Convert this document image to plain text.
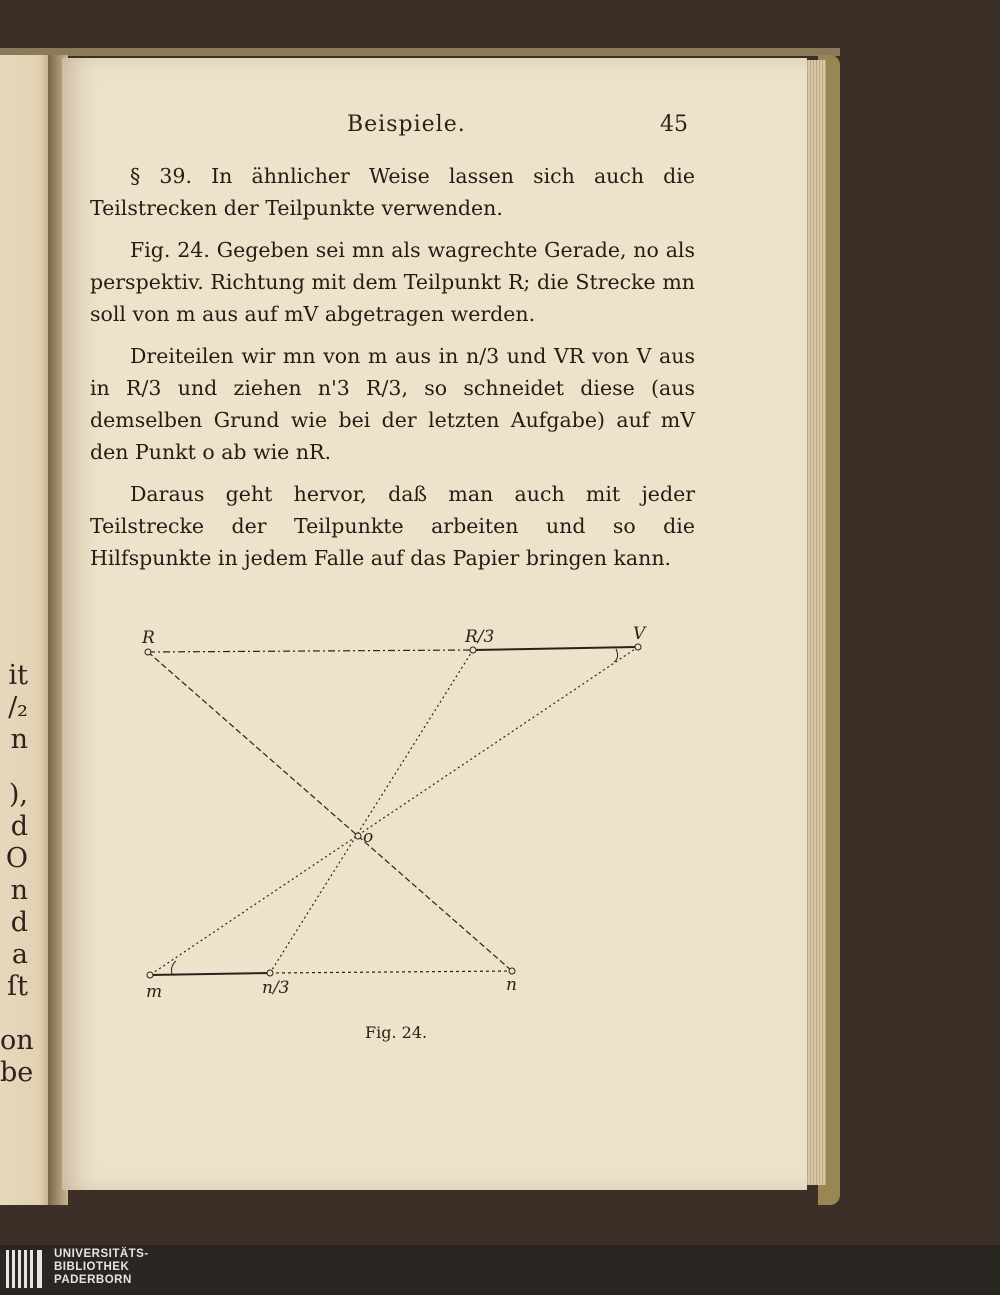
it
/₂
n
),
d
O
n
d
a
ſt
on
be
Beispiele.	45

§ 39. In ähnlicher Weise lassen sich auch die Teilstrecken der Teilpunkte verwenden.

Fig. 24. Gegeben sei mn als wagrechte Gerade, no als perspektiv. Richtung mit dem Teilpunkt R; die Strecke mn soll von m aus auf mV abgetragen werden.

Dreiteilen wir mn von m aus in n/3 und VR von V aus in R/3 und ziehen n'3 R/3, so schneidet diese (aus demselben Grund wie bei der letzten Aufgabe) auf mV den Punkt o ab wie nR.

Daraus geht hervor, daß man auch mit jeder Teilstrecke der Teilpunkte arbeiten und so die Hilfspunkte in jedem Falle auf das Papier bringen kann.

R	R/3	V
o
m	n/3	n
Fig. 24.
UNIVERSITÄTS-
BIBLIOTHEK
PADERBORN
